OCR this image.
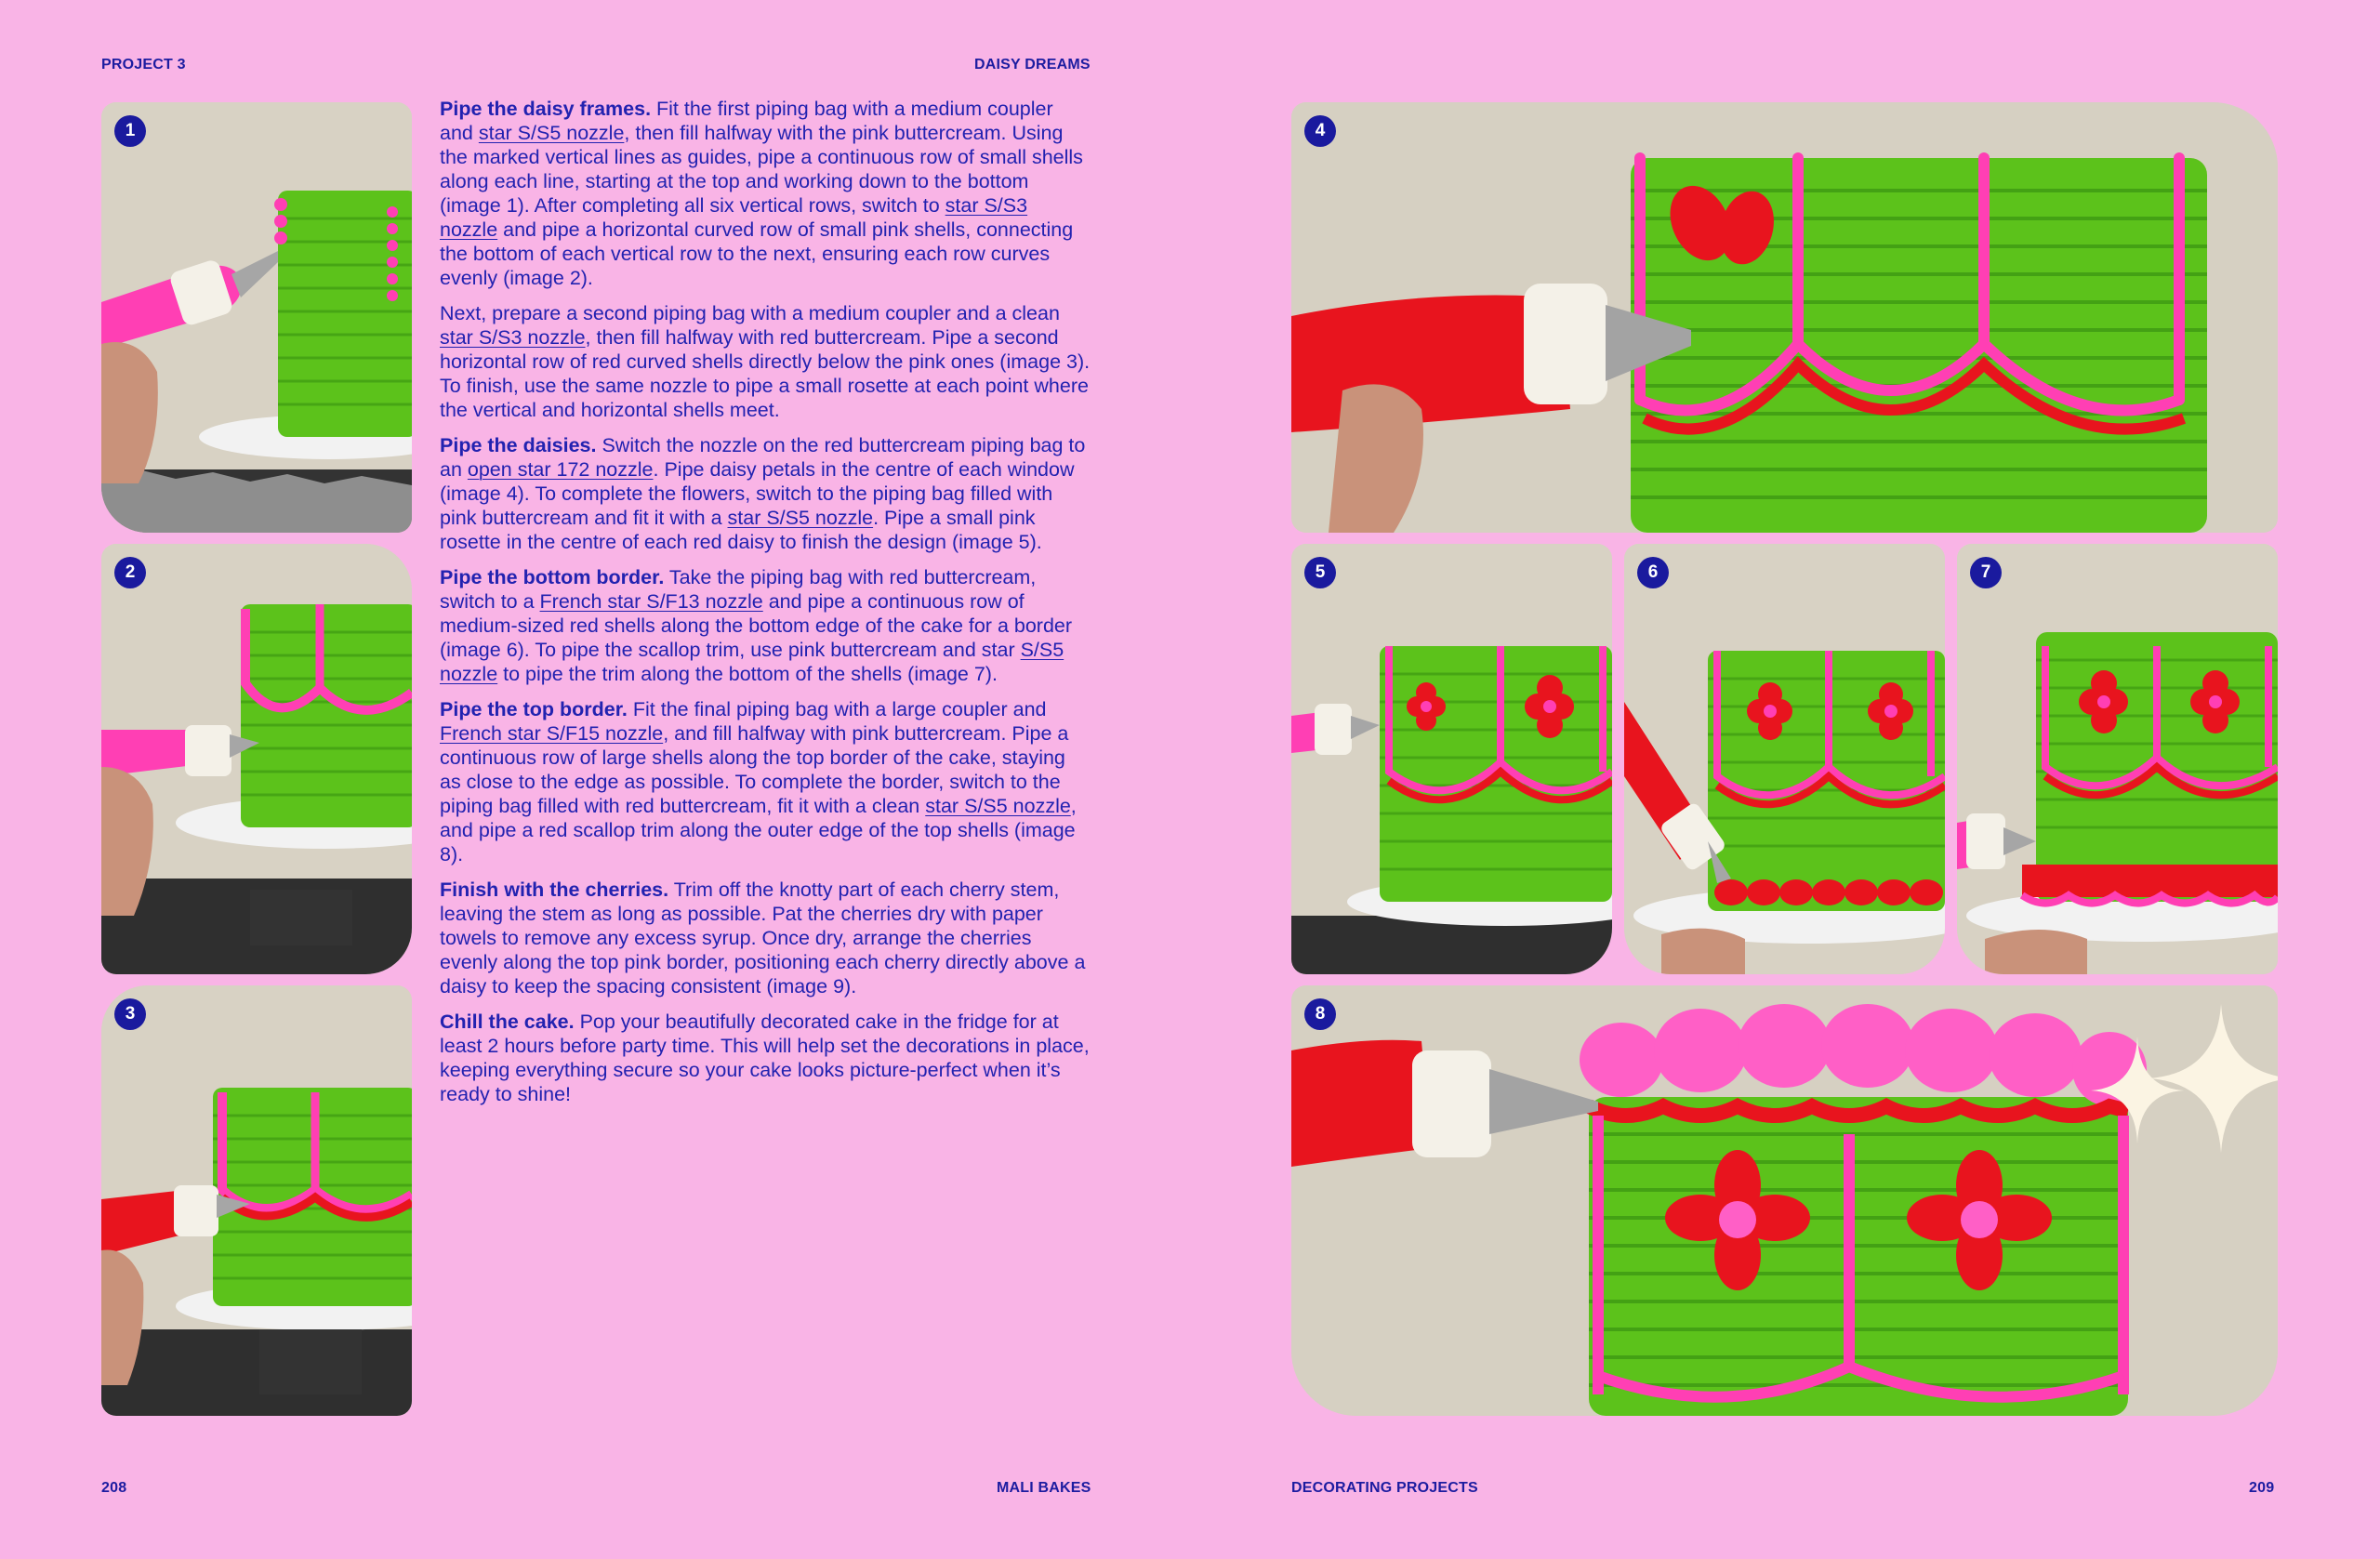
PROJECT 3	DAISY DREAMS
1
2
3

Pipe the daisy frames. Fit the first piping bag with a medium coupler and star S/S5 nozzle, then fill halfway with the pink buttercream. Using the marked vertical lines as guides, pipe a continuous row of small shells along each line, starting at the top and working down to the bottom (image 1). After completing all six vertical rows, switch to star S/S3 nozzle and pipe a horizontal curved row of small pink shells, connecting the bottom of each vertical row to the next, ensuring each row curves evenly (image 2).

Next, prepare a second piping bag with a medium coupler and a clean star S/S3 nozzle, then fill halfway with red buttercream. Pipe a second horizontal row of red curved shells directly below the pink ones (image 3). To finish, use the same nozzle to pipe a small rosette at each point where the vertical and horizontal shells meet.

Pipe the daisies. Switch the nozzle on the red buttercream piping bag to an open star 172 nozzle. Pipe daisy petals in the centre of each window (image 4). To complete the flowers, switch to the piping bag filled with pink buttercream and fit it with a star S/S5 nozzle. Pipe a small pink rosette in the centre of each red daisy to finish the design (image 5).

Pipe the bottom border. Take the piping bag with red buttercream, switch to a French star S/F13 nozzle and pipe a continuous row of medium-sized red shells along the bottom edge of the cake for a border (image 6). To pipe the scallop trim, use pink buttercream and star S/S5 nozzle to pipe the trim along the bottom of the shells (image 7).

Pipe the top border. Fit the final piping bag with a large coupler and French star S/F15 nozzle, and fill halfway with pink buttercream. Pipe a continuous row of large shells along the top border of the cake, staying as close to the edge as possible. To complete the border, switch to the piping bag filled with red buttercream, fit it with a clean star S/S5 nozzle, and pipe a red scallop trim along the outer edge of the top shells (image 8).

Finish with the cherries. Trim off the knotty part of each cherry stem, leaving the stem as long as possible. Pat the cherries dry with paper towels to remove any excess syrup. Once dry, arrange the cherries evenly along the top pink border, positioning each cherry directly above a daisy to keep the spacing consistent (image 9).

Chill the cake. Pop your beautifully decorated cake in the fridge for at least 2 hours before party time. This will help set the decorations in place, keeping everything secure so your cake looks picture-perfect when it’s ready to shine!

4
5	6	7
8
208	MALI BAKES	DECORATING PROJECTS	209
